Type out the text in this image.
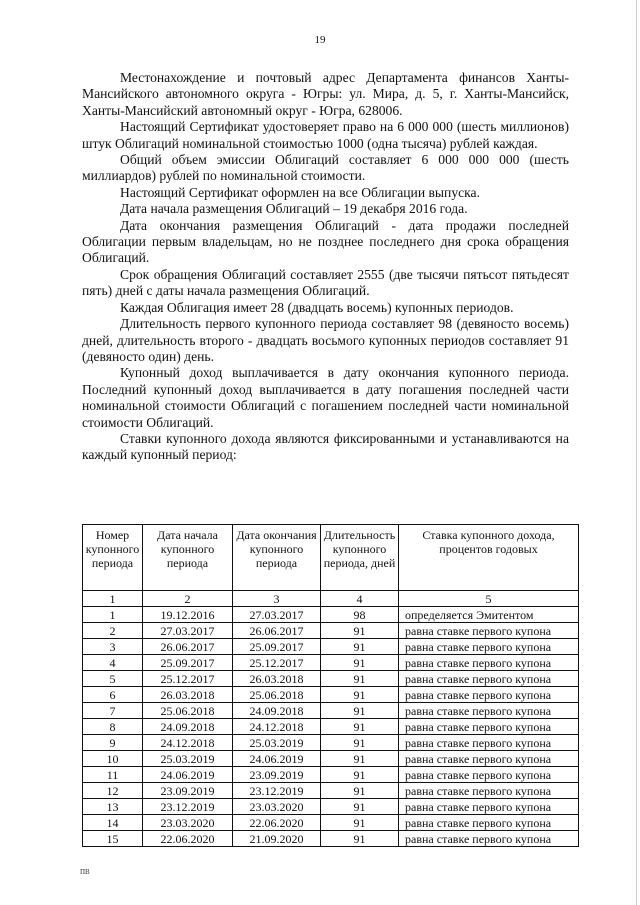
19

Местонахождение и почтовый адрес Департамента финансов Ханты-Мансийского автономного округа - Югры: ул. Мира, д. 5, г. Ханты-Мансийск, Ханты-Мансийский автономный округ - Югра, 628006.

Настоящий Сертификат удостоверяет право на 6 000 000 (шесть миллионов) штук Облигаций номинальной стоимостью 1000 (одна тысяча) рублей каждая.

Общий объем эмиссии Облигаций составляет 6 000 000 000 (шесть миллиардов) рублей по номинальной стоимости.

Настоящий Сертификат оформлен на все Облигации выпуска.

Дата начала размещения Облигаций – 19 декабря 2016 года.

Дата окончания размещения Облигаций - дата продажи последней Облигации первым владельцам, но не позднее последнего дня срока обращения Облигаций.

Срок обращения Облигаций составляет 2555 (две тысячи пятьсот пятьдесят пять) дней с даты начала размещения Облигаций.

Каждая Облигация имеет 28 (двадцать восемь) купонных периодов.

Длительность первого купонного периода составляет 98 (девяносто восемь) дней, длительность второго - двадцать восьмого купонных периодов составляет 91 (девяносто один) день.

Купонный доход выплачивается в дату окончания купонного периода. Последний купонный доход выплачивается в дату погашения последней части номинальной стоимости Облигаций с погашением последней части номинальной стоимости Облигаций.

Ставки купонного дохода являются фиксированными и устанавливаются на каждый купонный период:

Номер купонного периода	Дата начала купонного периода	Дата окончания купонного периода	Длительность купонного периода, дней	Ставка купонного дохода, процентов годовых
1	2	3	4	5
1	19.12.2016	27.03.2017	98	определяется Эмитентом
2	27.03.2017	26.06.2017	91	равна ставке первого купона
3	26.06.2017	25.09.2017	91	равна ставке первого купона
4	25.09.2017	25.12.2017	91	равна ставке первого купона
5	25.12.2017	26.03.2018	91	равна ставке первого купона
6	26.03.2018	25.06.2018	91	равна ставке первого купона
7	25.06.2018	24.09.2018	91	равна ставке первого купона
8	24.09.2018	24.12.2018	91	равна ставке первого купона
9	24.12.2018	25.03.2019	91	равна ставке первого купона
10	25.03.2019	24.06.2019	91	равна ставке первого купона
11	24.06.2019	23.09.2019	91	равна ставке первого купона
12	23.09.2019	23.12.2019	91	равна ставке первого купона
13	23.12.2019	23.03.2020	91	равна ставке первого купона
14	23.03.2020	22.06.2020	91	равна ставке первого купона
15	22.06.2020	21.09.2020	91	равна ставке первого купона
ПВ
